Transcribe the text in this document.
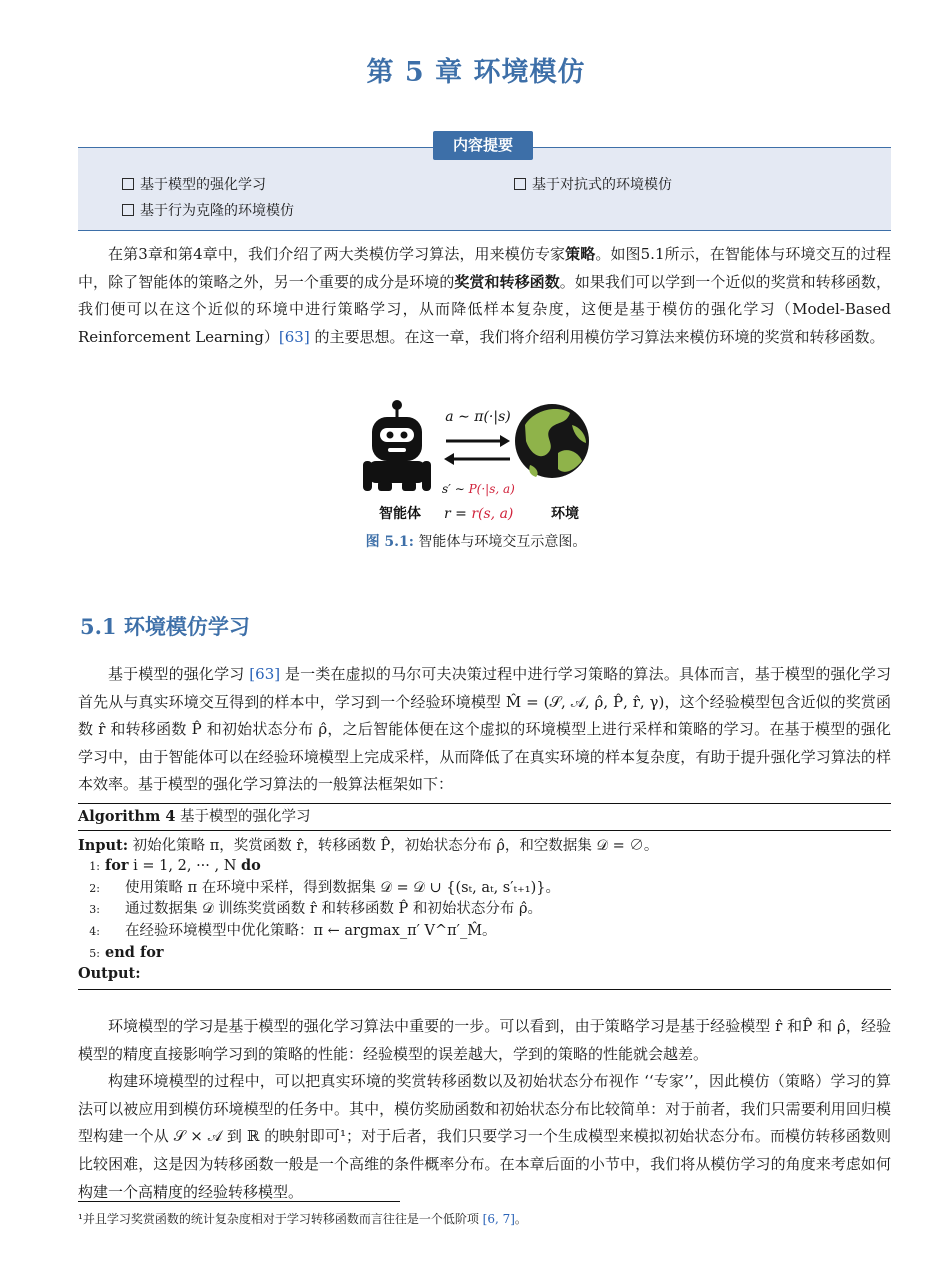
第 5 章 环境模仿
内容提要
基于模型的强化学习	基于对抗式的环境模仿
基于行为克隆的环境模仿

在第3章和第4章中，我们介绍了两大类模仿学习算法，用来模仿专家策略。如图5.1所示，在智能体与环境交互的过程中，除了智能体的策略之外，另一个重要的成分是环境的奖赏和转移函数。如果我们可以学到一个近似的奖赏和转移函数，我们便可以在这个近似的环境中进行策略学习，从而降低样本复杂度，这便是基于模仿的强化学习（Model-Based Reinforcement Learning）[63] 的主要思想。在这一章，我们将介绍利用模仿学习算法来模仿环境的奖赏和转移函数。

a ∼ π(·|s)
s′ ∼ P(·|s, a)
智能体 r = r(s, a)	环境
图 5.1: 智能体与环境交互示意图。
5.1 环境模仿学习

基于模型的强化学习 [63] 是一类在虚拟的马尔可夫决策过程中进行学习策略的算法。具体而言，基于模型的强化学习首先从与真实环境交互得到的样本中，学习到一个经验环境模型 M̂ = (𝒮, 𝒜, ρ̂, P̂, r̂, γ)，这个经验模型包含近似的奖赏函数 r̂ 和转移函数 P̂ 和初始状态分布 ρ̂，之后智能体便在这个虚拟的环境模型上进行采样和策略的学习。在基于模型的强化学习中，由于智能体可以在经验环境模型上完成采样，从而降低了在真实环境的样本复杂度，有助于提升强化学习算法的样本效率。基于模型的强化学习算法的一般算法框架如下：

Algorithm 4 基于模型的强化学习
Input: 初始化策略 π，奖赏函数 r̂，转移函数 P̂，初始状态分布 ρ̂，和空数据集 𝒟 = ∅。
1: for i = 1, 2, ··· , N do
2: 使用策略 π 在环境中采样，得到数据集 𝒟 = 𝒟 ∪ {(sₜ, aₜ, s′ₜ₊₁)}。
3: 通过数据集 𝒟 训练奖赏函数 r̂ 和转移函数 P̂ 和初始状态分布 ρ̂。
4: 在经验环境模型中优化策略：π ← argmax_π′ V^π′_M̂。
5: end for
Output:

环境模型的学习是基于模型的强化学习算法中重要的一步。可以看到，由于策略学习是基于经验模型 r̂ 和P̂ 和 ρ̂，经验模型的精度直接影响学习到的策略的性能：经验模型的误差越大，学到的策略的性能就会越差。

构建环境模型的过程中，可以把真实环境的奖赏转移函数以及初始状态分布视作 ‘‘专家’’，因此模仿（策略）学习的算法可以被应用到模仿环境模型的任务中。其中，模仿奖励函数和初始状态分布比较简单：对于前者，我们只需要利用回归模型构建一个从 𝒮 × 𝒜 到 ℝ 的映射即可¹；对于后者，我们只要学习一个生成模型来模拟初始状态分布。而模仿转移函数则比较困难，这是因为转移函数一般是一个高维的条件概率分布。在本章后面的小节中，我们将从模仿学习的角度来考虑如何构建一个高精度的经验转移模型。

¹并且学习奖赏函数的统计复杂度相对于学习转移函数而言往往是一个低阶项 [6, 7]。
